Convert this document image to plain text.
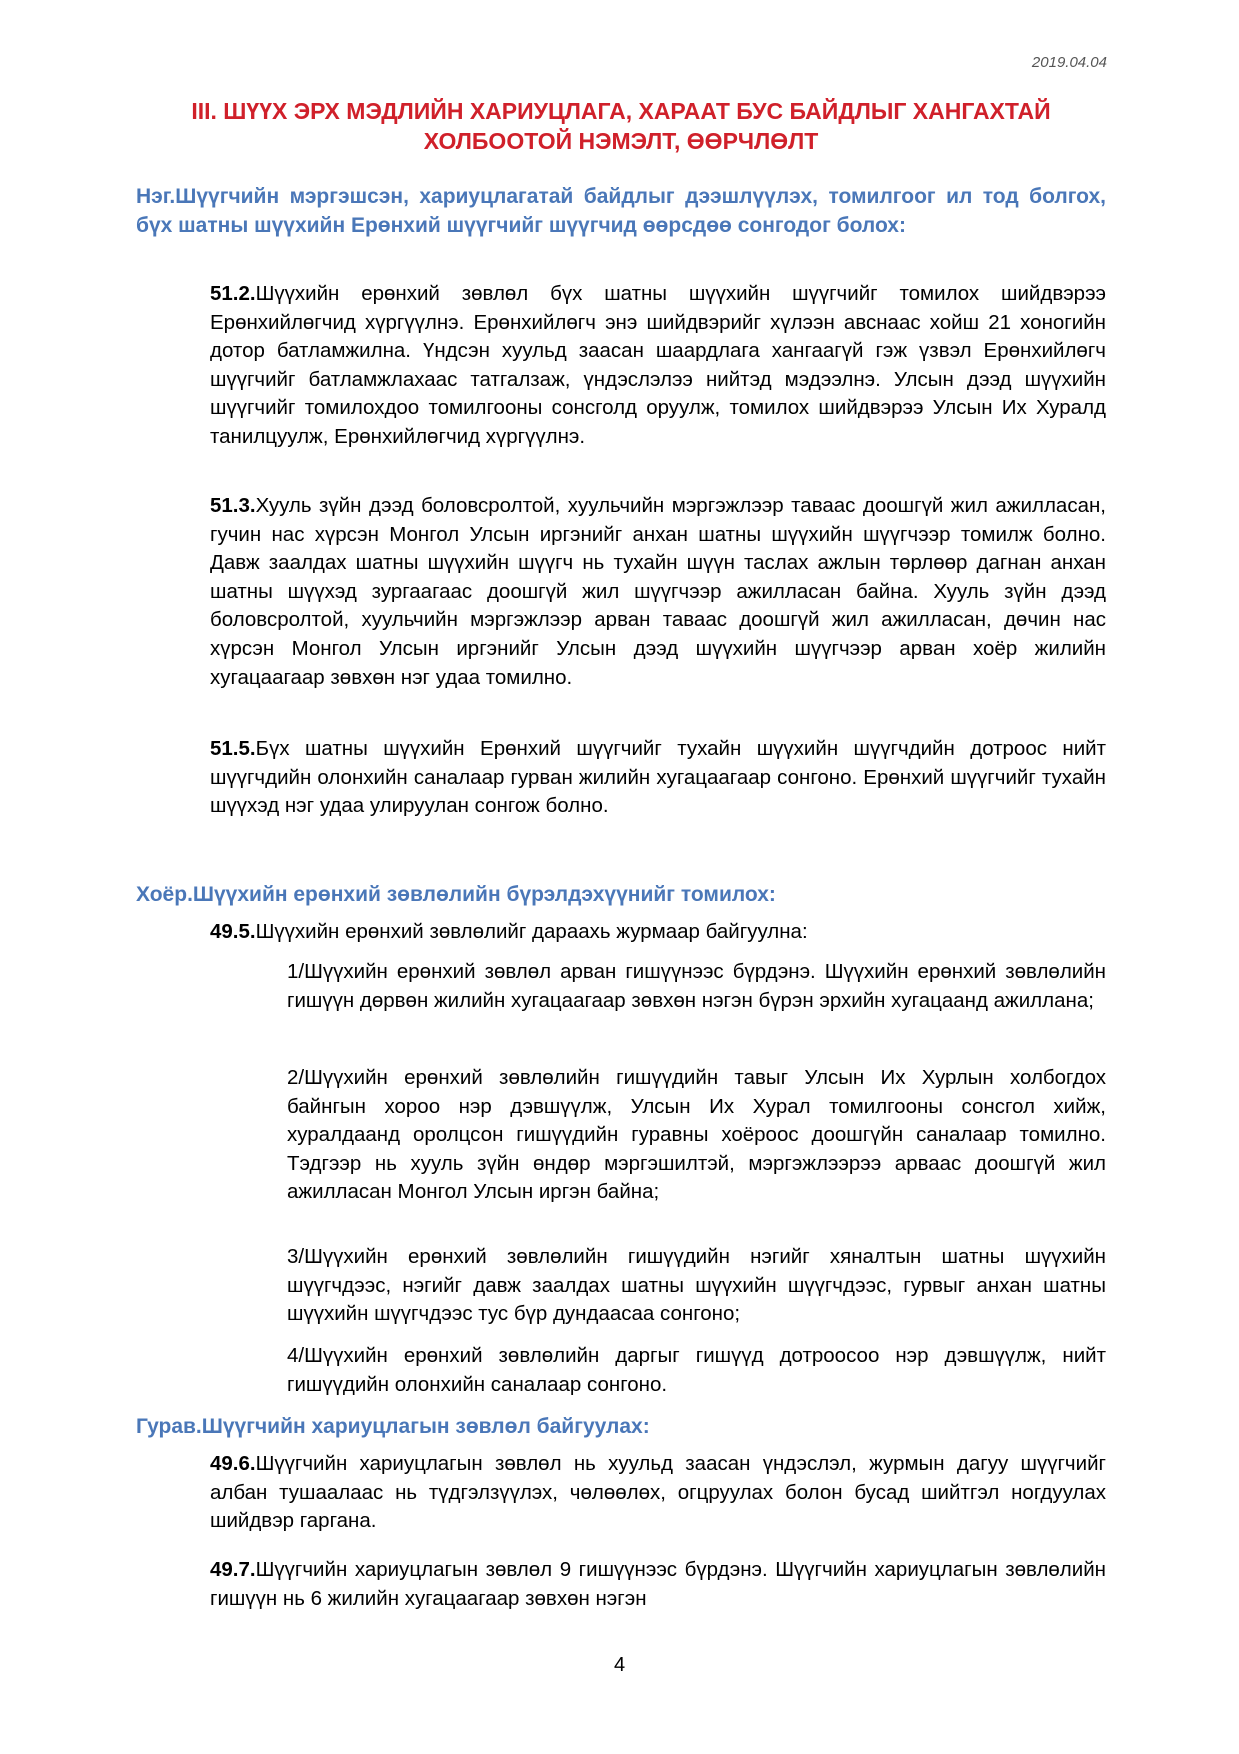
2019.04.04
III. ШҮҮХ ЭРХ МЭДЛИЙН ХАРИУЦЛАГА, ХАРААТ БУС БАЙДЛЫГ ХАНГАХТАЙ
ХОЛБООТОЙ НЭМЭЛТ, ӨӨРЧЛӨЛТ
Нэг.Шүүгчийн мэргэшсэн, хариуцлагатай байдлыг дээшлүүлэх, томилгоог ил тод болгох, бүх шатны шүүхийн Ерөнхий шүүгчийг шүүгчид өөрсдөө сонгодог болох:
51.2.Шүүхийн ерөнхий зөвлөл бүх шатны шүүхийн шүүгчийг томилох шийдвэрээ Ерөнхийлөгчид хүргүүлнэ. Ерөнхийлөгч энэ шийдвэрийг хүлээн авснаас хойш 21 хоногийн дотор батламжилна. Үндсэн хуульд заасан шаардлага хангаагүй гэж үзвэл Ерөнхийлөгч шүүгчийг батламжлахаас татгалзаж, үндэслэлээ нийтэд мэдээлнэ. Улсын дээд шүүхийн шүүгчийг томилохдоо томилгооны сонсголд оруулж, томилох шийдвэрээ Улсын Их Хуралд танилцуулж, Ерөнхийлөгчид хүргүүлнэ.
51.3.Хууль зүйн дээд боловсролтой, хуульчийн мэргэжлээр таваас доошгүй жил ажилласан, гучин нас хүрсэн Монгол Улсын иргэнийг анхан шатны шүүхийн шүүгчээр томилж болно. Давж заалдах шатны шүүхийн шүүгч нь тухайн шүүн таслах ажлын төрлөөр дагнан анхан шатны шүүхэд зургаагаас доошгүй жил шүүгчээр ажилласан байна. Хууль зүйн дээд боловсролтой, хуульчийн мэргэжлээр арван таваас доошгүй жил ажилласан, дөчин нас хүрсэн Монгол Улсын иргэнийг Улсын дээд шүүхийн шүүгчээр арван хоёр жилийн хугацаагаар зөвхөн нэг удаа томилно.
51.5.Бүх шатны шүүхийн Ерөнхий шүүгчийг тухайн шүүхийн шүүгчдийн дотроос нийт шүүгчдийн олонхийн саналаар гурван жилийн хугацаагаар сонгоно. Ерөнхий шүүгчийг тухайн шүүхэд нэг удаа улируулан сонгож болно.
Хоёр.Шүүхийн ерөнхий зөвлөлийн бүрэлдэхүүнийг томилох:
49.5.Шүүхийн ерөнхий зөвлөлийг дараахь журмаар байгуулна:
1/Шүүхийн ерөнхий зөвлөл арван гишүүнээс бүрдэнэ. Шүүхийн ерөнхий зөвлөлийн гишүүн дөрвөн жилийн хугацаагаар зөвхөн нэгэн бүрэн эрхийн хугацаанд ажиллана;
2/Шүүхийн ерөнхий зөвлөлийн гишүүдийн тавыг Улсын Их Хурлын холбогдох байнгын хороо нэр дэвшүүлж, Улсын Их Хурал томилгооны сонсгол хийж, хуралдаанд оролцсон гишүүдийн гуравны хоёроос доошгүйн саналаар томилно. Тэдгээр нь хууль зүйн өндөр мэргэшилтэй, мэргэжлээрээ арваас доошгүй жил ажилласан Монгол Улсын иргэн байна;
3/Шүүхийн ерөнхий зөвлөлийн гишүүдийн нэгийг хяналтын шатны шүүхийн шүүгчдээс, нэгийг давж заалдах шатны шүүхийн шүүгчдээс, гурвыг анхан шатны шүүхийн шүүгчдээс тус бүр дундаасаа сонгоно;
4/Шүүхийн ерөнхий зөвлөлийн даргыг гишүүд дотроосоо нэр дэвшүүлж, нийт гишүүдийн олонхийн саналаар сонгоно.
Гурав.Шүүгчийн хариуцлагын зөвлөл байгуулах:
49.6.Шүүгчийн хариуцлагын зөвлөл нь хуульд заасан үндэслэл, журмын дагуу шүүгчийг албан тушаалаас нь түдгэлзүүлэх, чөлөөлөх, огцруулах болон бусад шийтгэл ногдуулах шийдвэр гаргана.
49.7.Шүүгчийн хариуцлагын зөвлөл 9 гишүүнээс бүрдэнэ. Шүүгчийн хариуцлагын зөвлөлийн гишүүн нь 6 жилийн хугацаагаар зөвхөн нэгэн
4
